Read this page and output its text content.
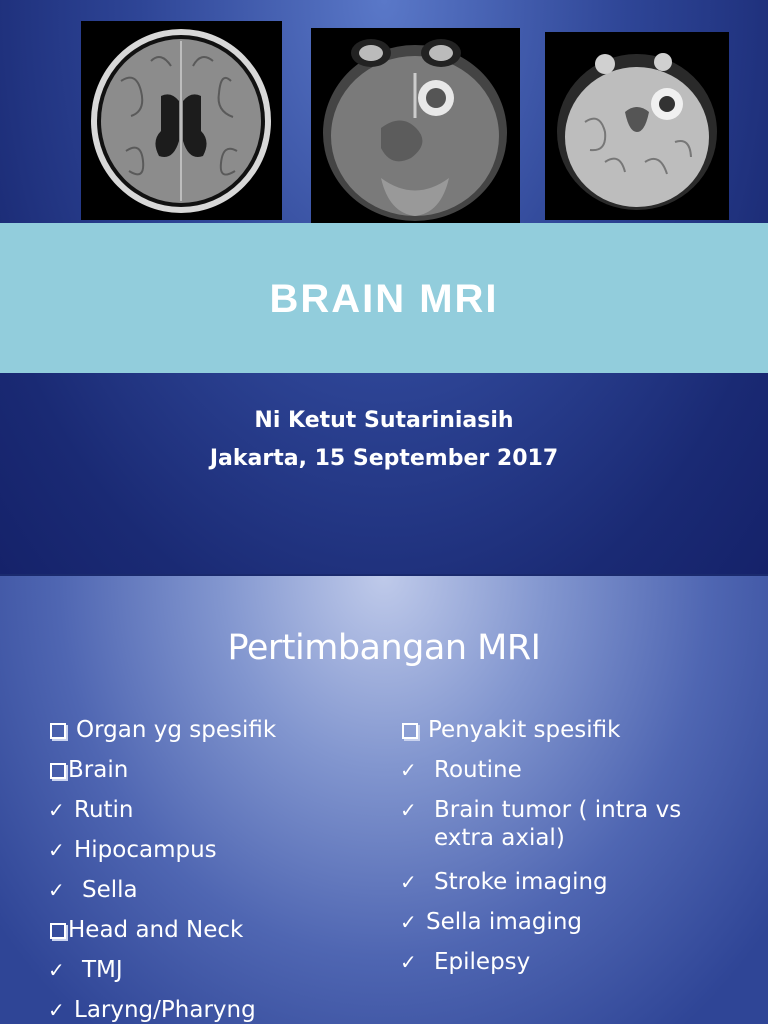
BRAIN MRI
Ni Ketut Sutariniasih
Jakarta, 15 September 2017
Pertimbangan MRI
Organ yg spesifik
Brain
✓ Rutin
✓ Hipocampus
✓ Sella
Head and Neck
✓ TMJ
✓ Laryng/Pharyng
Penyakit spesifik
✓ Routine
✓ Brain tumor ( intra vs extra axial)
✓ Stroke imaging
✓ Sella imaging
✓ Epilepsy
